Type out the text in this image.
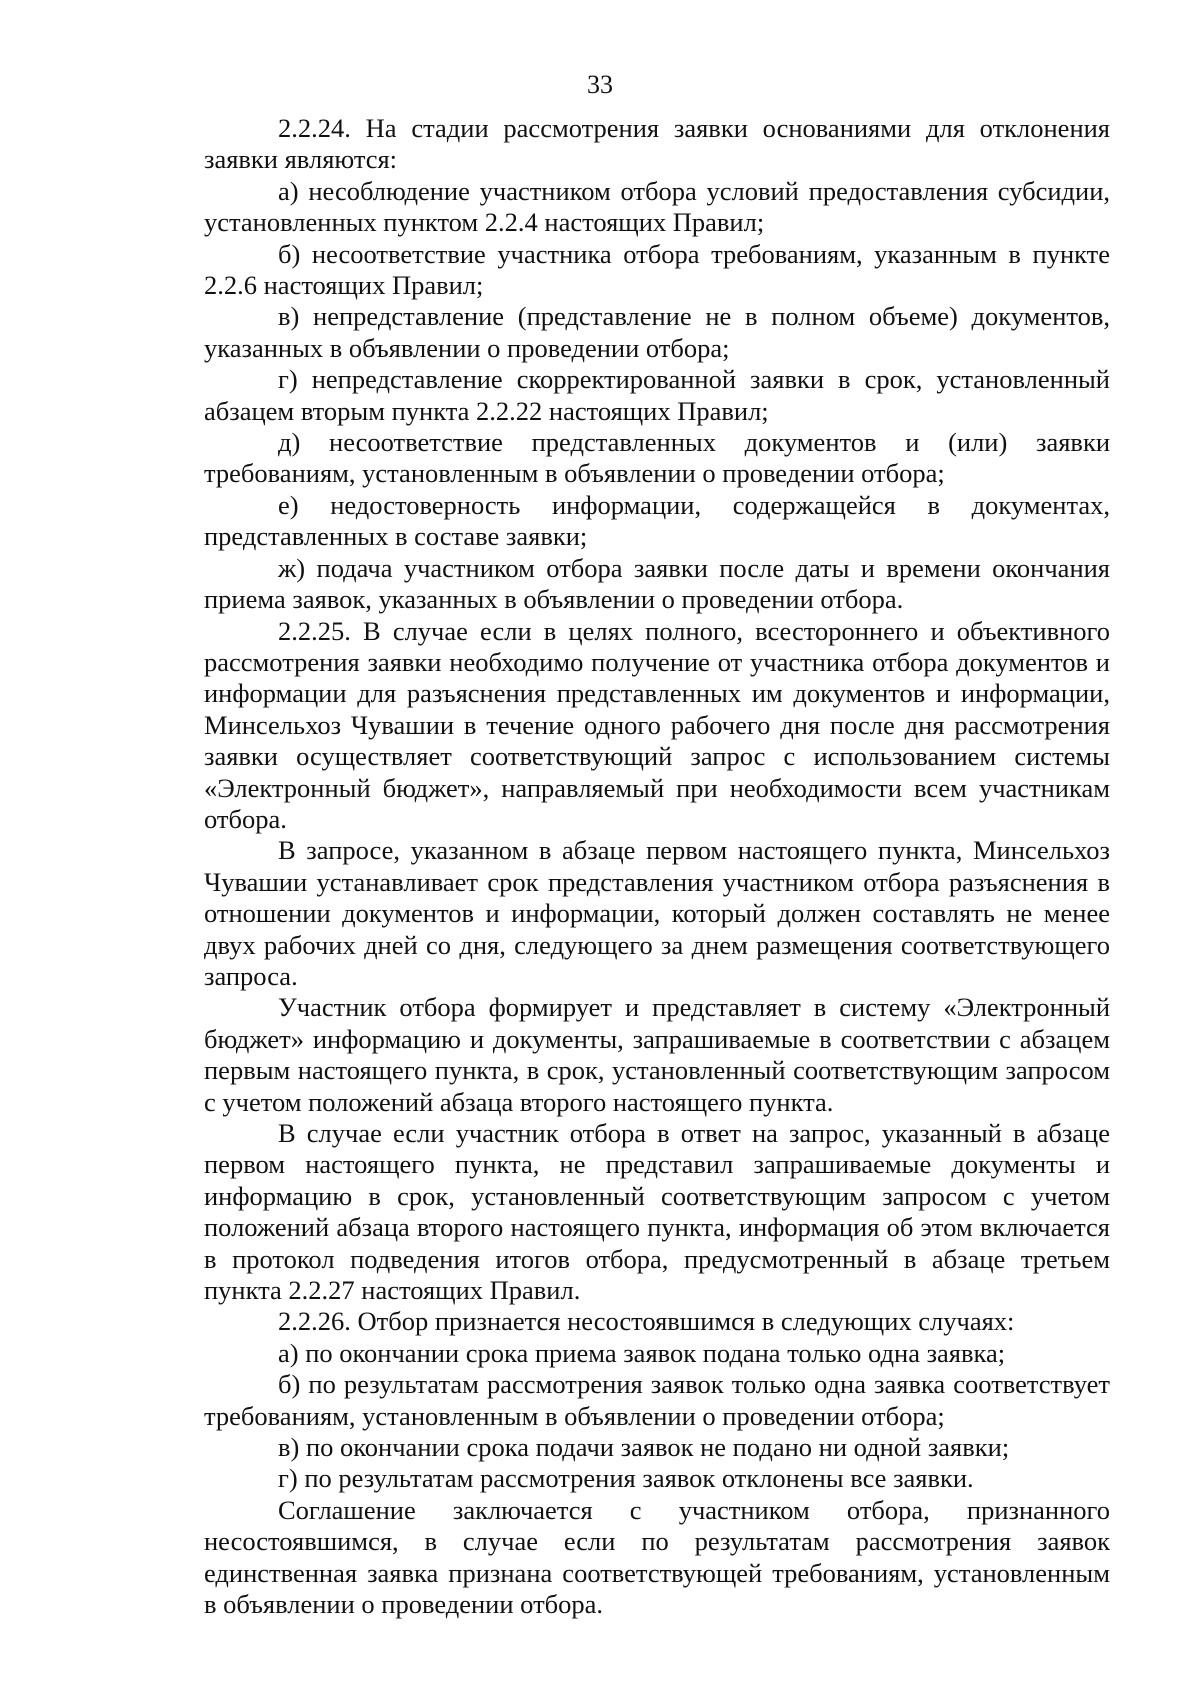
33

2.2.24. На стадии рассмотрения заявки основаниями для отклонения заявки являются:

а) несоблюдение участником отбора условий предоставления субсидии, установленных пунктом 2.2.4 настоящих Правил;

б) несоответствие участника отбора требованиям, указанным в пункте 2.2.6 настоящих Правил;

в) непредставление (представление не в полном объеме) документов, указанных в объявлении о проведении отбора;

г) непредставление скорректированной заявки в срок, установленный абзацем вторым пункта 2.2.22 настоящих Правил;

д) несоответствие представленных документов и (или) заявки требованиям, установленным в объявлении о проведении отбора;

е) недостоверность информации, содержащейся в документах, представленных в составе заявки;

ж) подача участником отбора заявки после даты и времени окончания приема заявок, указанных в объявлении о проведении отбора.

2.2.25. В случае если в целях полного, всестороннего и объективного рассмотрения заявки необходимо получение от участника отбора документов и информации для разъяснения представленных им документов и информации, Минсельхоз Чувашии в течение одного рабочего дня после дня рассмотрения заявки осуществляет соответствующий запрос с использованием системы «Электронный бюджет», направляемый при необходимости всем участникам отбора.

В запросе, указанном в абзаце первом настоящего пункта, Минсельхоз Чувашии устанавливает срок представления участником отбора разъяснения в отношении документов и информации, который должен составлять не менее двух рабочих дней со дня, следующего за днем размещения соответствующего запроса.

Участник отбора формирует и представляет в систему «Электронный бюджет» информацию и документы, запрашиваемые в соответствии с абзацем первым настоящего пункта, в срок, установленный соответствующим запросом с учетом положений абзаца второго настоящего пункта.

В случае если участник отбора в ответ на запрос, указанный в абзаце первом настоящего пункта, не представил запрашиваемые документы и информацию в срок, установленный соответствующим запросом с учетом положений абзаца второго настоящего пункта, информация об этом включается в протокол подведения итогов отбора, предусмотренный в абзаце третьем пункта 2.2.27 настоящих Правил.

2.2.26. Отбор признается несостоявшимся в следующих случаях:

а) по окончании срока приема заявок подана только одна заявка;

б) по результатам рассмотрения заявок только одна заявка соответствует требованиям, установленным в объявлении о проведении отбора;

в) по окончании срока подачи заявок не подано ни одной заявки;

г) по результатам рассмотрения заявок отклонены все заявки.

Соглашение заключается с участником отбора, признанного несостоявшимся, в случае если по результатам рассмотрения заявок единственная заявка признана соответствующей требованиям, установленным в объявлении о проведении отбора.
